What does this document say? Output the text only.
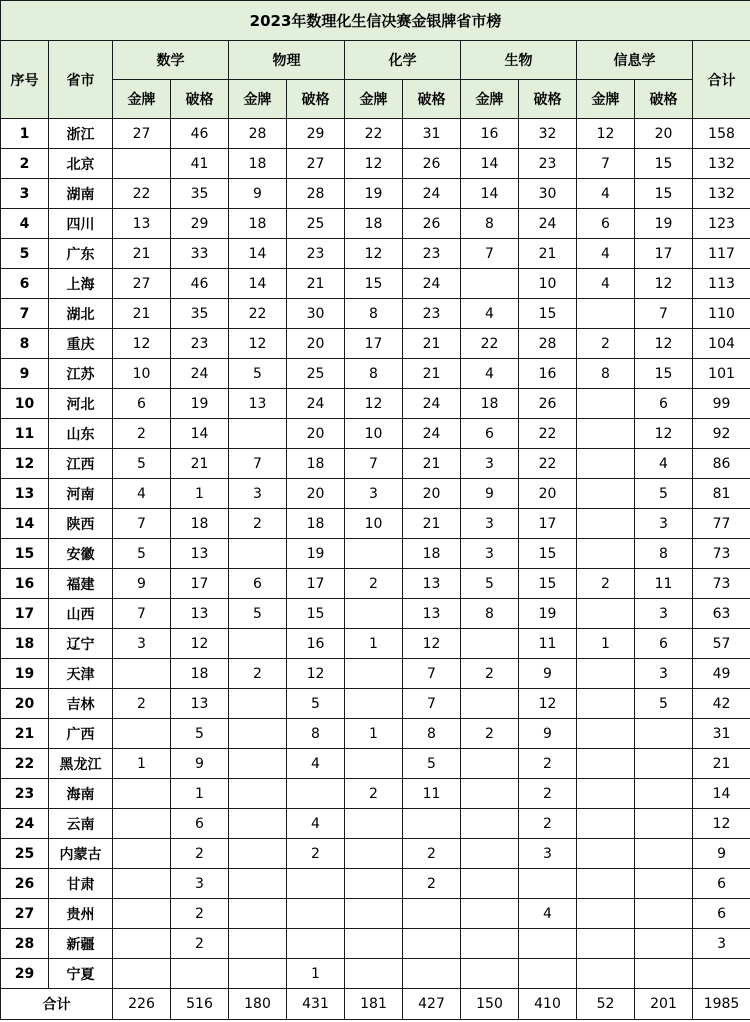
2023年数理化生信决赛金银牌省市榜												
序号	省市	数学		物理		化学		生物		信息学		合计
		金牌	破格	金牌	破格	金牌	破格	金牌	破格	金牌	破格	
1	浙江	27	46	28	29	22	31	16	32	12	20	158
2	北京		41	18	27	12	26	14	23	7	15	132
3	湖南	22	35	9	28	19	24	14	30	4	15	132
4	四川	13	29	18	25	18	26	8	24	6	19	123
5	广东	21	33	14	23	12	23	7	21	4	17	117
6	上海	27	46	14	21	15	24		10	4	12	113
7	湖北	21	35	22	30	8	23	4	15		7	110
8	重庆	12	23	12	20	17	21	22	28	2	12	104
9	江苏	10	24	5	25	8	21	4	16	8	15	101
10	河北	6	19	13	24	12	24	18	26		6	99
11	山东	2	14		20	10	24	6	22		12	92
12	江西	5	21	7	18	7	21	3	22		4	86
13	河南	4	1	3	20	3	20	9	20		5	81
14	陕西	7	18	2	18	10	21	3	17		3	77
15	安徽	5	13		19		18	3	15		8	73
16	福建	9	17	6	17	2	13	5	15	2	11	73
17	山西	7	13	5	15		13	8	19		3	63
18	辽宁	3	12		16	1	12		11	1	6	57
19	天津		18	2	12		7	2	9		3	49
20	吉林	2	13		5		7		12		5	42
21	广西		5		8	1	8	2	9			31
22	黑龙江	1	9		4		5		2			21
23	海南		1			2	11		2			14
24	云南		6		4				2			12
25	内蒙古		2		2		2		3			9
26	甘肃		3				2					6
27	贵州		2						4			6
28	新疆		2									3
29	宁夏				1							
合计		226	516	180	431	181	427	150	410	52	201	1985
